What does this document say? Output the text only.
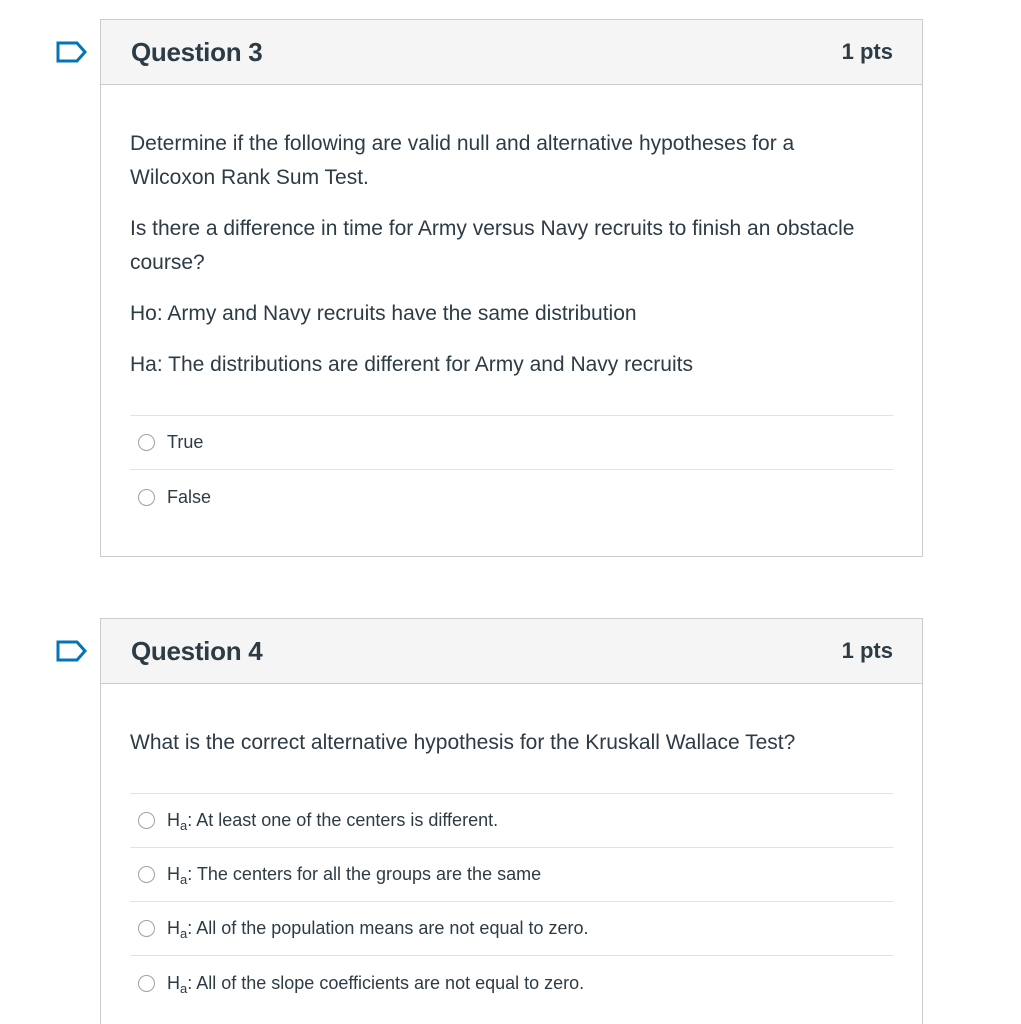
Question 3	1 pts

Determine if the following are valid null and alternative hypotheses for a Wilcoxon Rank Sum Test.

Is there a difference in time for Army versus Navy recruits to finish an obstacle course?

Ho: Army and Navy recruits have the same distribution

Ha: The distributions are different for Army and Navy recruits

True
False
Question 4	1 pts

What is the correct alternative hypothesis for the Kruskall Wallace Test?

$H_a$: At least one of the centers is different.
$H_a$: The centers for all the groups are the same
$H_a$: All of the population means are not equal to zero.
$H_a$: All of the slope coefficients are not equal to zero.
